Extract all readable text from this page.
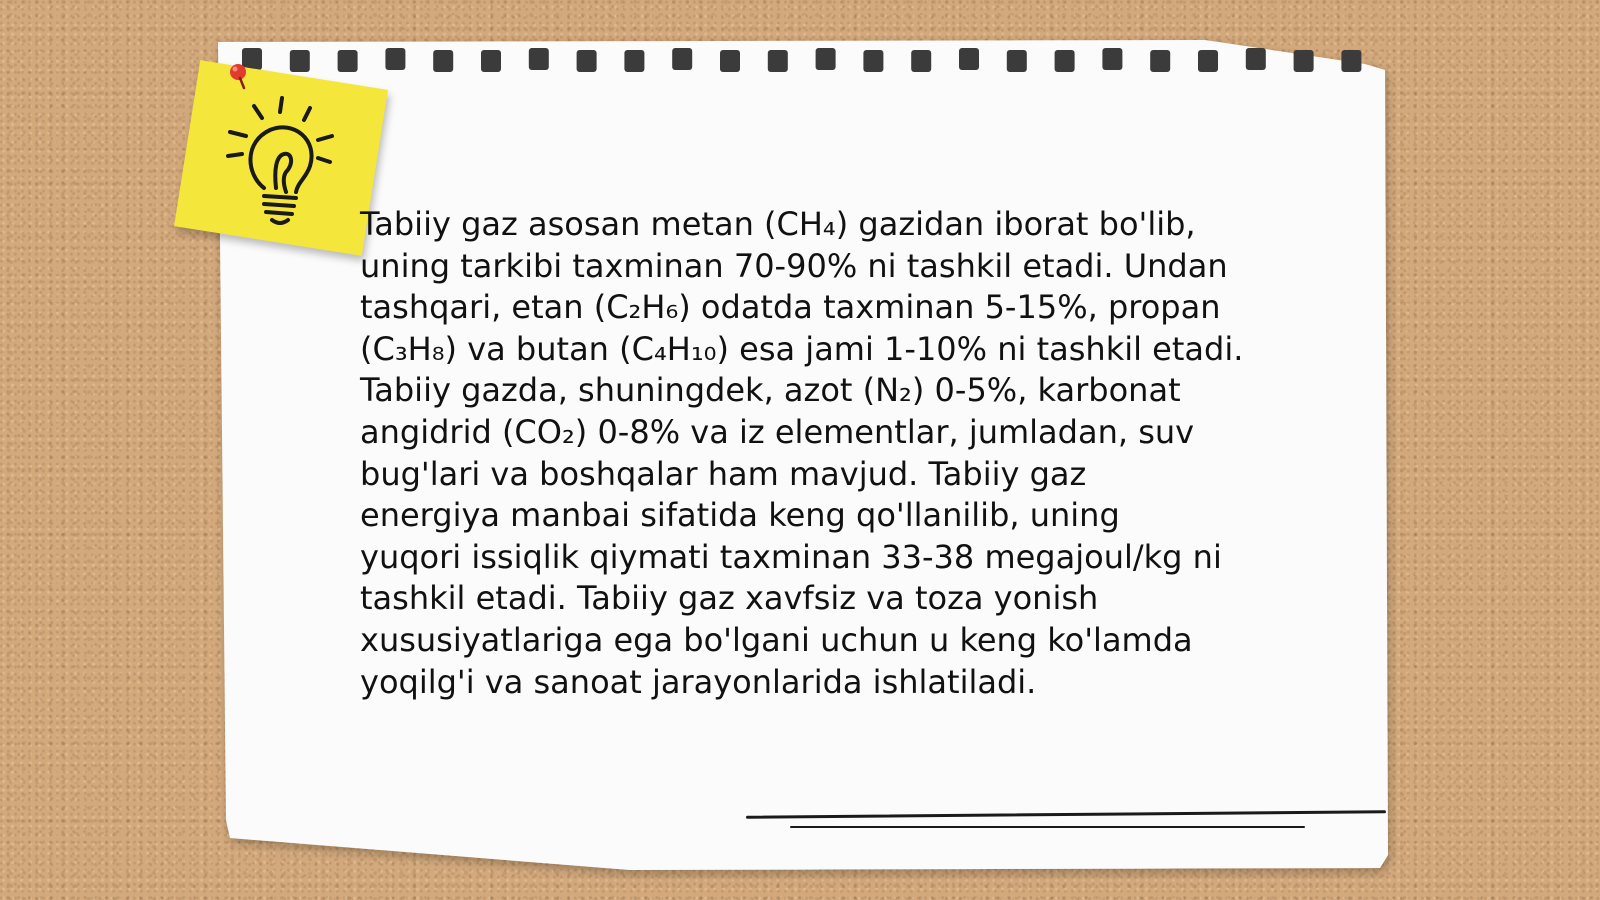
Tabiiy gaz asosan metan (CH₄) gazidan iborat bo'lib,
uning tarkibi taxminan 70-90% ni tashkil etadi. Undan
tashqari, etan (C₂H₆) odatda taxminan 5-15%, propan
(C₃H₈) va butan (C₄H₁₀) esa jami 1-10% ni tashkil etadi.
Tabiiy gazda, shuningdek, azot (N₂) 0-5%, karbonat
angidrid (CO₂) 0-8% va iz elementlar, jumladan, suv
bug'lari va boshqalar ham mavjud. Tabiiy gaz
energiya manbai sifatida keng qo'llanilib, uning
yuqori issiqlik qiymati taxminan 33-38 megajoul/kg ni
tashkil etadi. Tabiiy gaz xavfsiz va toza yonish
xususiyatlariga ega bo'lgani uchun u keng ko'lamda
yoqilg'i va sanoat jarayonlarida ishlatiladi.
